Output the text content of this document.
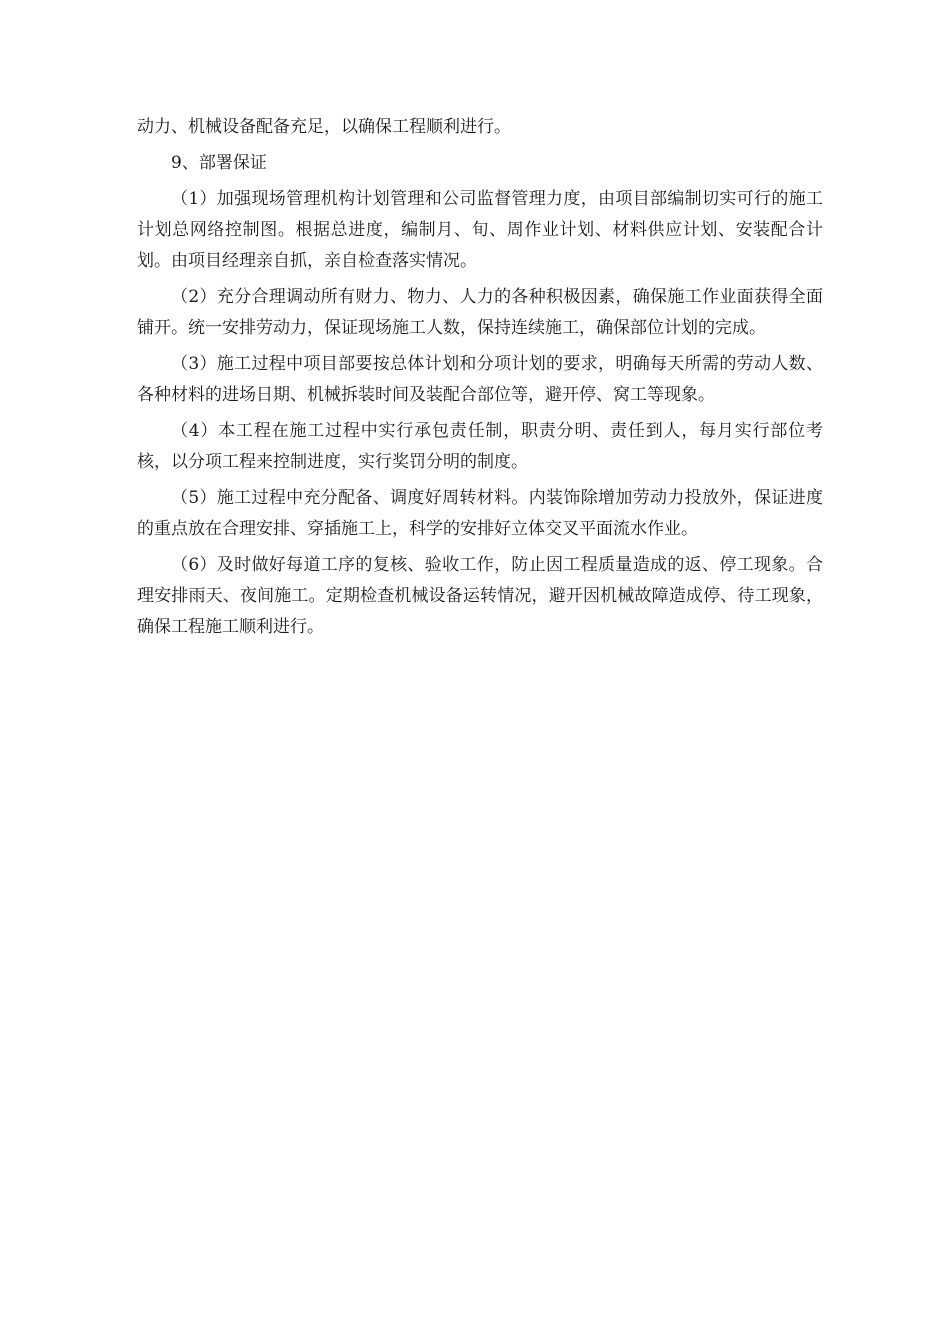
动力、机械设备配备充足，以确保工程顺利进行。

9、部署保证

（1）加强现场管理机构计划管理和公司监督管理力度，由项目部编制切实可行的施工计划总网络控制图。根据总进度，编制月、旬、周作业计划、材料供应计划、安装配合计划。由项目经理亲自抓，亲自检查落实情况。

（2）充分合理调动所有财力、物力、人力的各种积极因素，确保施工作业面获得全面铺开。统一安排劳动力，保证现场施工人数，保持连续施工，确保部位计划的完成。

（3）施工过程中项目部要按总体计划和分项计划的要求，明确每天所需的劳动人数、各种材料的进场日期、机械拆装时间及装配合部位等，避开停、窝工等现象。

（4）本工程在施工过程中实行承包责任制，职责分明、责任到人，每月实行部位考核，以分项工程来控制进度，实行奖罚分明的制度。

（5）施工过程中充分配备、调度好周转材料。内装饰除增加劳动力投放外，保证进度的重点放在合理安排、穿插施工上，科学的安排好立体交叉平面流水作业。

（6）及时做好每道工序的复核、验收工作，防止因工程质量造成的返、停工现象。合理安排雨天、夜间施工。定期检查机械设备运转情况，避开因机械故障造成停、待工现象，确保工程施工顺利进行。
